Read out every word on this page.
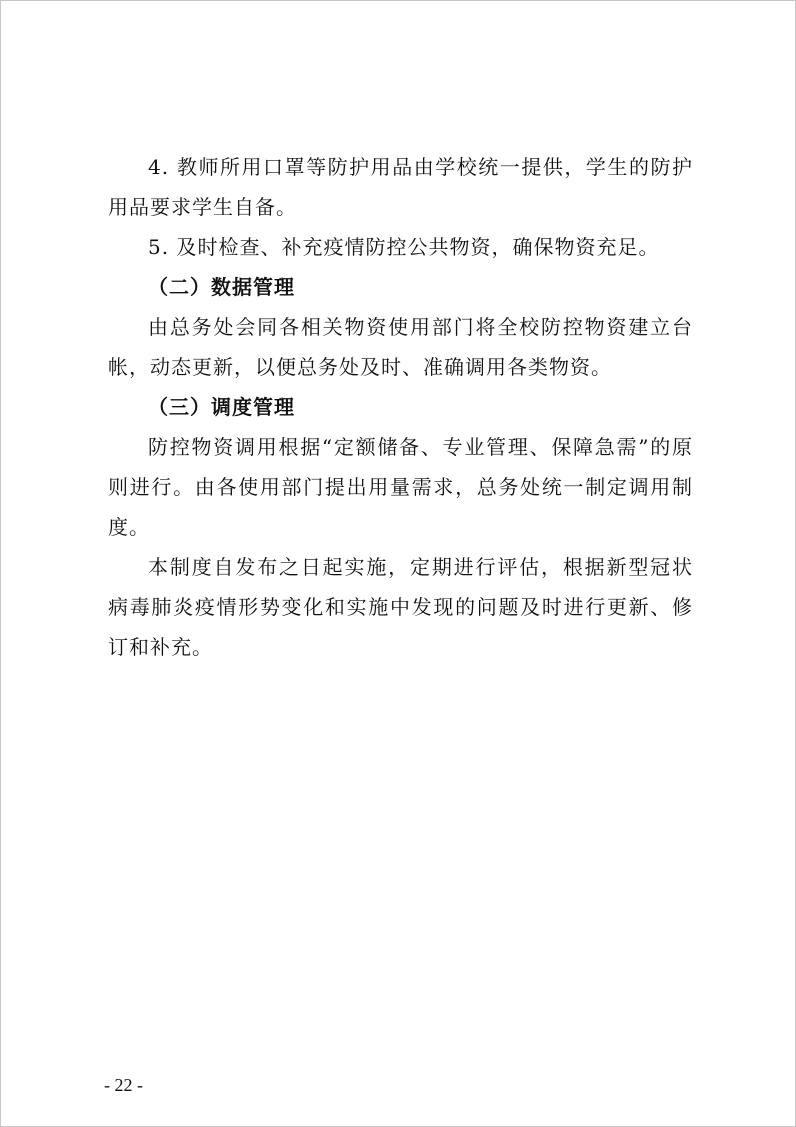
4. 教师所用口罩等防护用品由学校统一提供，学生的防护用品要求学生自备。

5. 及时检查、补充疫情防控公共物资，确保物资充足。

（二）数据管理

由总务处会同各相关物资使用部门将全校防控物资建立台帐，动态更新，以便总务处及时、准确调用各类物资。

（三）调度管理

防控物资调用根据“定额储备、专业管理、保障急需”的原则进行。由各使用部门提出用量需求，总务处统一制定调用制度。

本制度自发布之日起实施，定期进行评估，根据新型冠状病毒肺炎疫情形势变化和实施中发现的问题及时进行更新、修订和补充。

- 22 -
